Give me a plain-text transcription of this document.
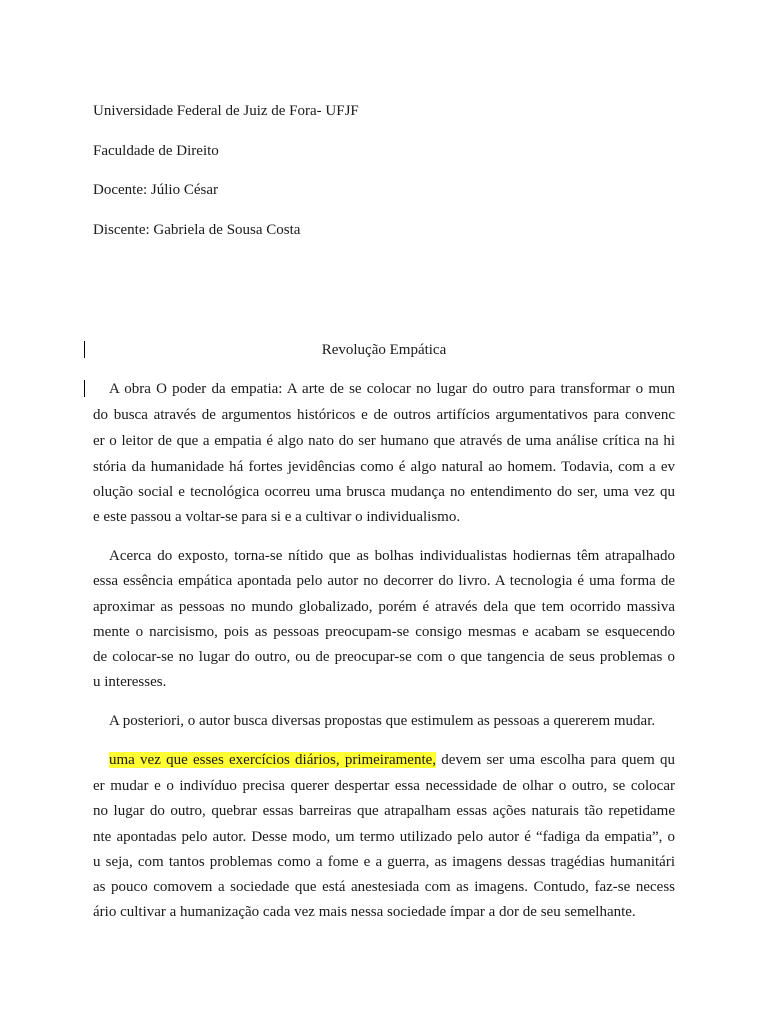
Universidade Federal de Juiz de Fora- UFJF
Faculdade de Direito
Docente: Júlio César
Discente: Gabriela de Sousa Costa
Revolução Empática
A obra O poder da empatia: A arte de se colocar no lugar do outro para transformar o mun
do busca através de argumentos históricos e de outros artifícios argumentativos para convenc
er o leitor de que a empatia é algo nato do ser humano que através de uma análise crítica na hi
stória da humanidade há fortes jevidências como é algo natural ao homem. Todavia, com a ev
olução social e tecnológica ocorreu uma brusca mudança no entendimento do ser, uma vez qu
e este passou a voltar-se para si e a cultivar o individualismo.
Acerca do exposto, torna-se nítido que as bolhas individualistas hodiernas têm atrapalhado
essa essência empática apontada pelo autor no decorrer do livro. A tecnologia é uma forma de
aproximar as pessoas no mundo globalizado, porém é através dela que tem ocorrido massiva
mente o narcisismo, pois as pessoas preocupam-se consigo mesmas e acabam se esquecendo
de colocar-se no lugar do outro, ou de preocupar-se com o que tangencia de seus problemas o
u interesses.
A posteriori, o autor busca diversas propostas que estimulem as pessoas a quererem mudar.
uma vez que esses exercícios diários, primeiramente, devem ser uma escolha para quem qu
er mudar e o indivíduo precisa querer despertar essa necessidade de olhar o outro, se colocar
no lugar do outro, quebrar essas barreiras que atrapalham essas ações naturais tão repetidame
nte apontadas pelo autor. Desse modo, um termo utilizado pelo autor é “fadiga da empatia”, o
u seja, com tantos problemas como a fome e a guerra, as imagens dessas tragédias humanitári
as pouco comovem a sociedade que está anestesiada com as imagens. Contudo, faz-se necess
ário cultivar a humanização cada vez mais nessa sociedade ímpar a dor de seu semelhante.
